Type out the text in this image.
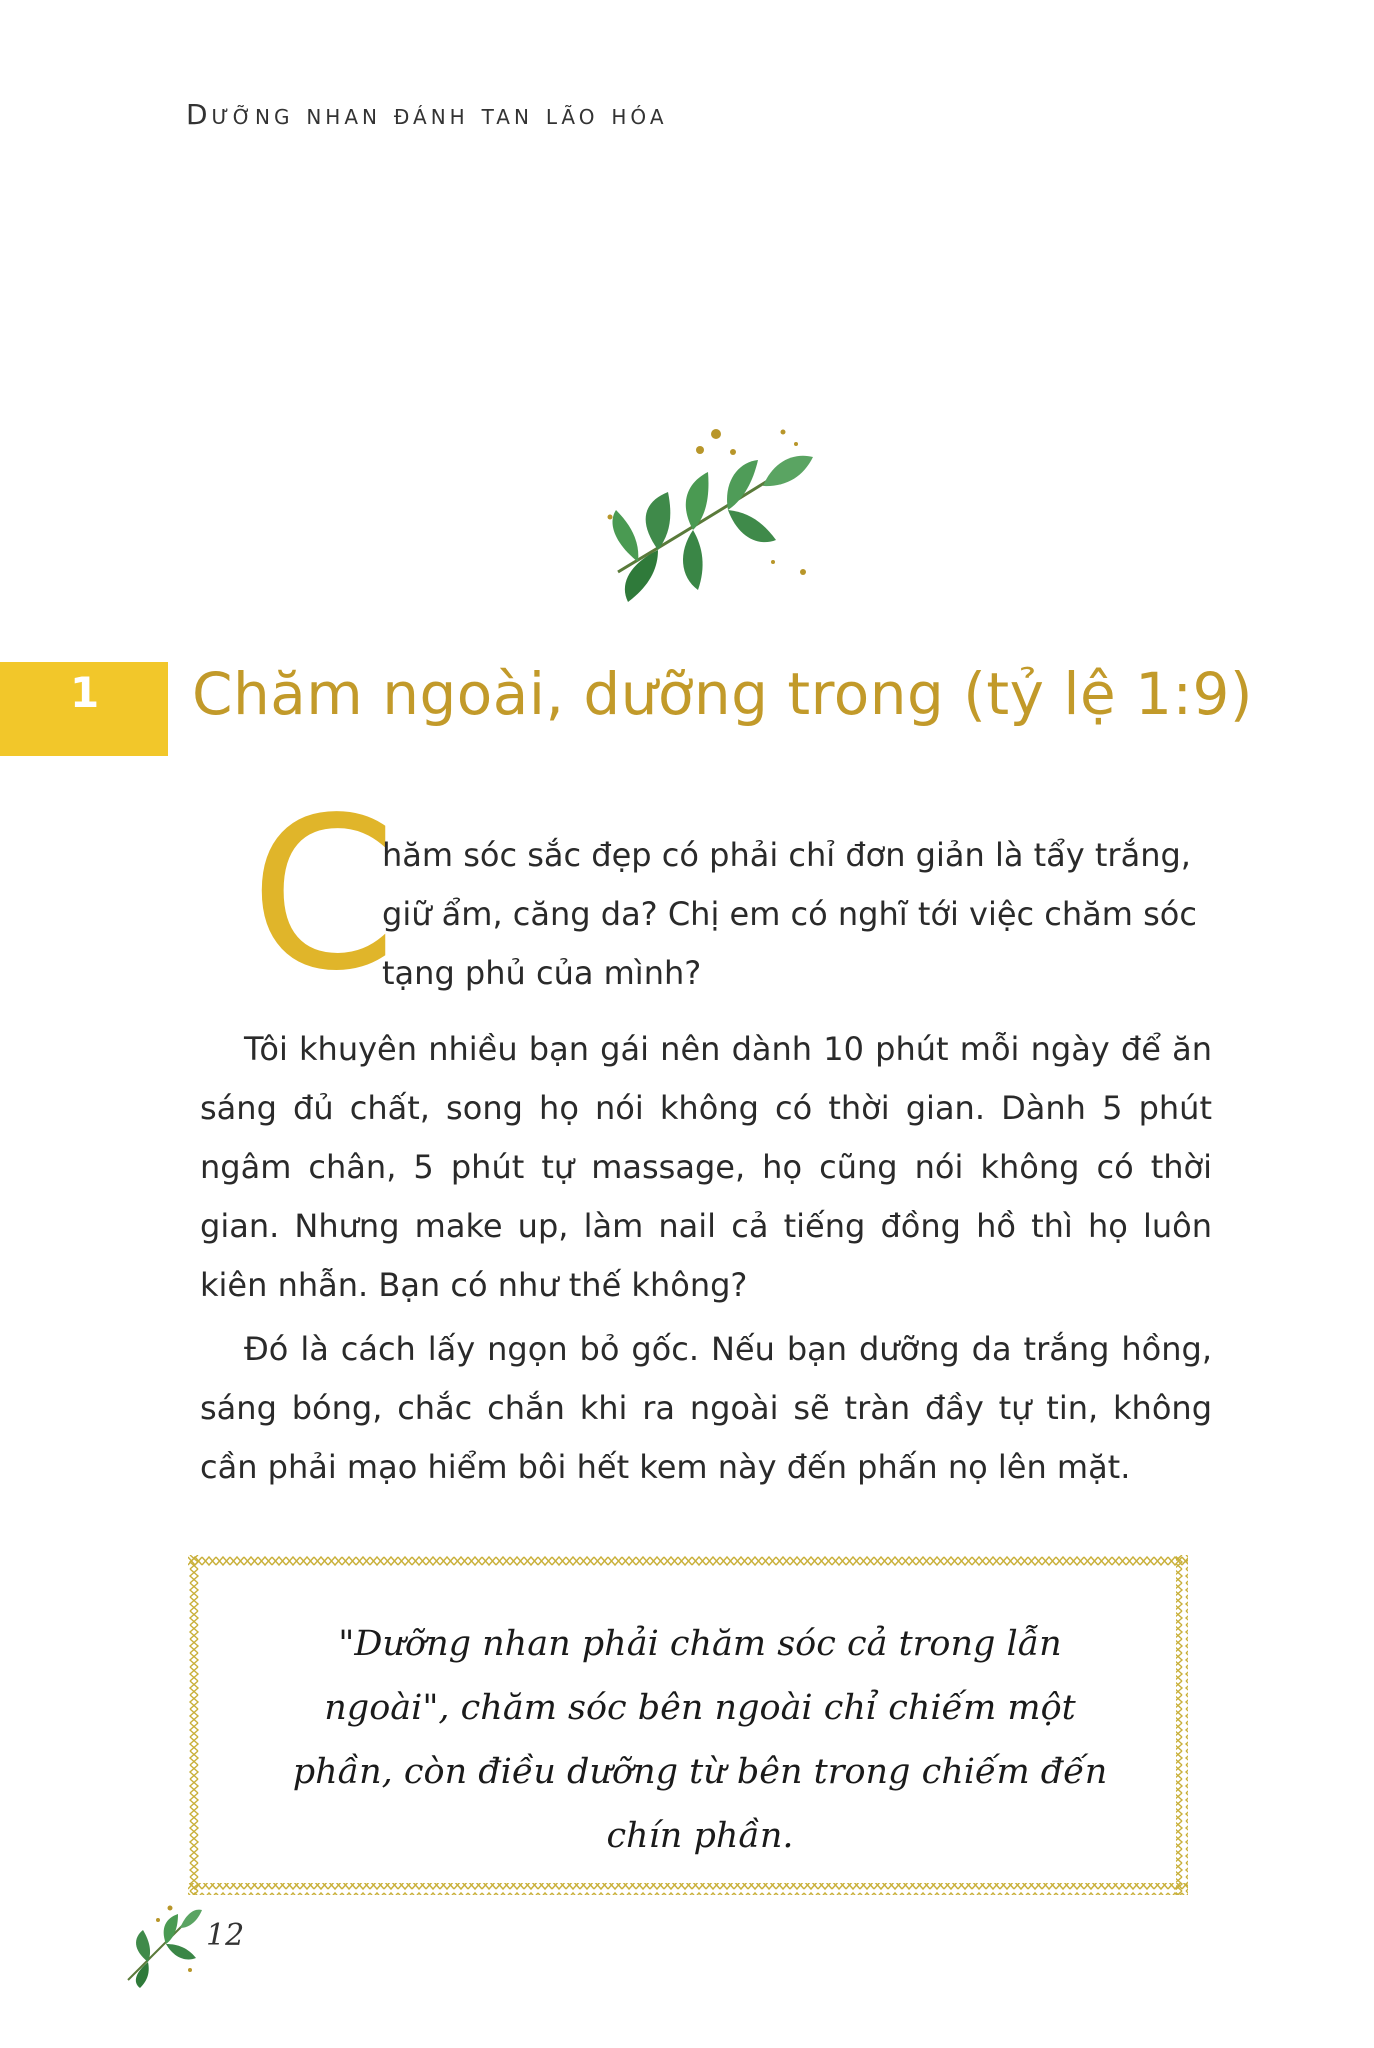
Dưỡng nhan đánh tan lão hóa
1 Chăm ngoài, dưỡng trong (tỷ lệ 1:9)
C

hăm sóc sắc đẹp có phải chỉ đơn giản là tẩy trắng, giữ ẩm, căng da? Chị em có nghĩ tới việc chăm sóc tạng phủ của mình?

Tôi khuyên nhiều bạn gái nên dành 10 phút mỗi ngày để ăn sáng đủ chất, song họ nói không có thời gian. Dành 5 phút ngâm chân, 5 phút tự massage, họ cũng nói không có thời gian. Nhưng make up, làm nail cả tiếng đồng hồ thì họ luôn kiên nhẫn. Bạn có như thế không?

Đó là cách lấy ngọn bỏ gốc. Nếu bạn dưỡng da trắng hồng, sáng bóng, chắc chắn khi ra ngoài sẽ tràn đầy tự tin, không cần phải mạo hiểm bôi hết kem này đến phấn nọ lên mặt.

"Dưỡng nhan phải chăm sóc cả trong lẫn ngoài", chăm sóc bên ngoài chỉ chiếm một phần, còn điều dưỡng từ bên trong chiếm đến chín phần.
12
